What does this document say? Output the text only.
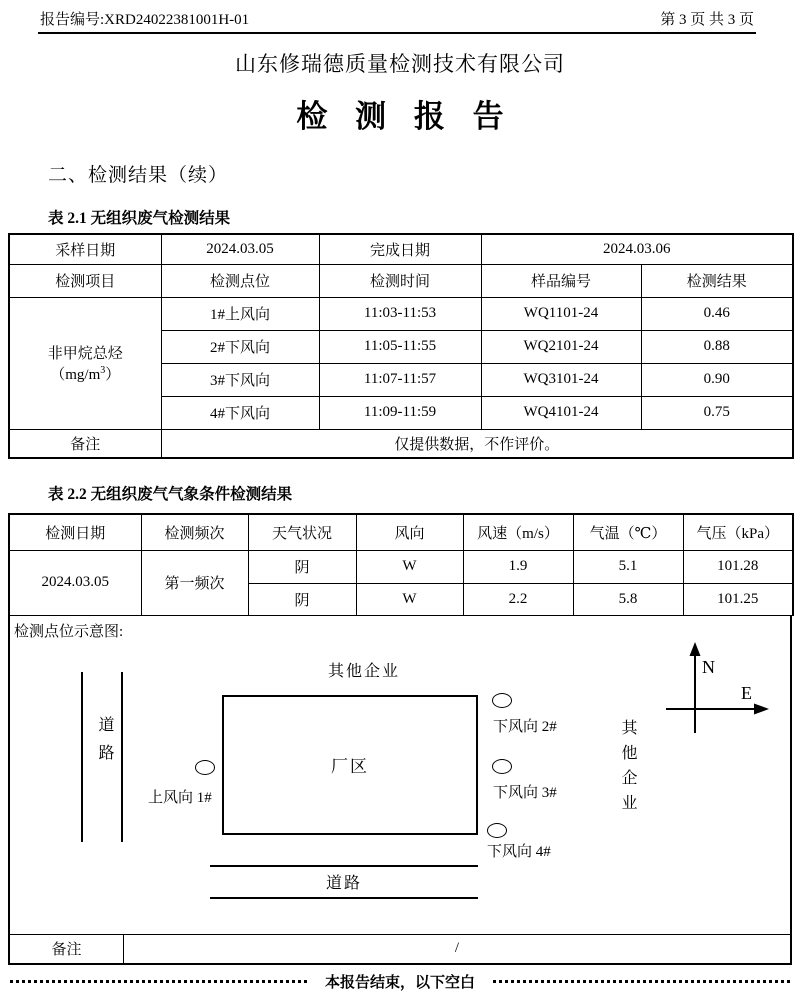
报告编号:XRD24022381001H-01	第 3 页 共 3 页
山东修瑞德质量检测技术有限公司
检 测 报 告
二、检测结果（续）
表 2.1 无组织废气检测结果
采样日期	2024.03.05	完成日期	2024.03.06	
检测项目	检测点位	检测时间	样品编号	检测结果
非甲烷总烃
$(mg/m^3)$	1#上风向	11:03-11:53	WQ1101-24	0.46
	2#下风向	11:05-11:55	WQ2101-24	0.88
	3#下风向	11:07-11:57	WQ3101-24	0.90
	4#下风向	11:09-11:59	WQ4101-24	0.75
备注	仅提供数据，不作评价。			
表 2.2 无组织废气气象条件检测结果
检测日期	检测频次	天气状况	风向	风速（m/s）	气温（℃）	气压（kPa）
2024.03.05	第一频次	阴	W	1.9	5.1	101.28
		阴	W	2.2	5.8	101.25
检测点位示意图:
其他企业
道路	厂区
上风向 1#
下风向 2#
下风向 3#
下风向 4#
其他企业
N
E
道路
备注	/
本报告结束，以下空白
